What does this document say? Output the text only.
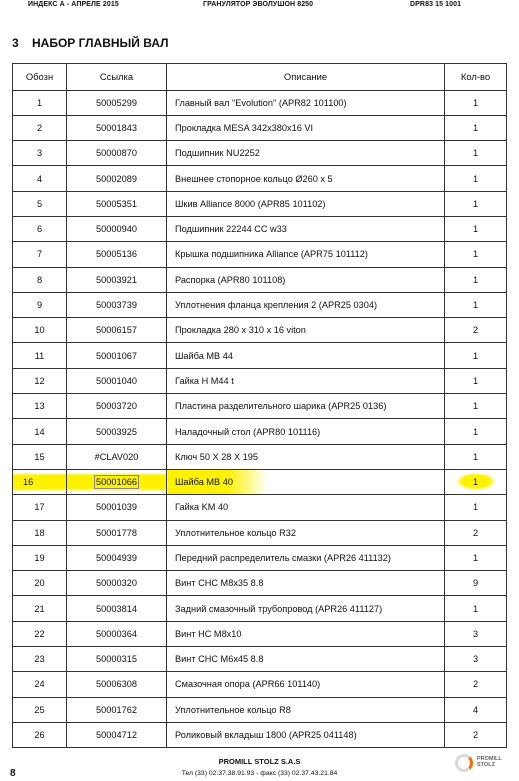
ИНДЕКС А - АПРЕЛЕ 2015	ГРАНУЛЯТОР ЭВОЛУШОН 8250	DPR83 15 1001
3 НАБОР ГЛАВНЫЙ ВАЛ
Обозн	Ссылка	Описание	Кол-во
1	50005299	Главный вал "Evolution" (APR82 101100)	1
2	50001843	Прокладка MESA 342x380x16 VI	1
3	50000870	Подшипник NU2252	1
4	50002089	Внешнее стопорное кольцо Ø260 x 5	1
5	50005351	Шкив Alliance 8000 (APR85 101102)	1
6	50000940	Подшипник 22244 CC w33	1
7	50005136	Крышка подшипника Alliance (APR75 101112)	1
8	50003921	Распорка (APR80 101108)	1
9	50003739	Уплотнения фланца крепления 2 (APR25 0304)	1
10	50006157	Прокладка 280 x 310 x 16 viton	2
11	50001067	Шайба MB 44	1
12	50001040	Гайка H M44 t	1
13	50003720	Пластина разделительного шарика (APR25 0136)	1
14	50003925	Наладочный стол (APR80 101116)	1
15	#CLAV020	Ключ 50 X 28 X 195	1
16	50001066	Шайба MB 40	1
17	50001039	Гайка KM 40	1
18	50001778	Уплотнительное кольцо R32	2
19	50004939	Передний распределитель смазки (APR26 411132)	1
20	50000320	Винт CHC M8x35 8.8	9
21	50003814	Задний смазочный трубопровод (APR26 411127)	1
22	50000364	Винт HC M8x10	3
23	50000315	Винт CHC M6x45 8.8	3
24	50006308	Смазочная опора (APR66 101140)	2
25	50001762	Уплотнительное кольцо R8	4
26	50004712	Роликовый вкладыш 1800 (APR25 041148)	2
PROMILL STOLZ S.A.S
Тел (33) 02.37.38.91.93 - факс (33) 02.37.43.21.84
8
PROMILL STOLZ
